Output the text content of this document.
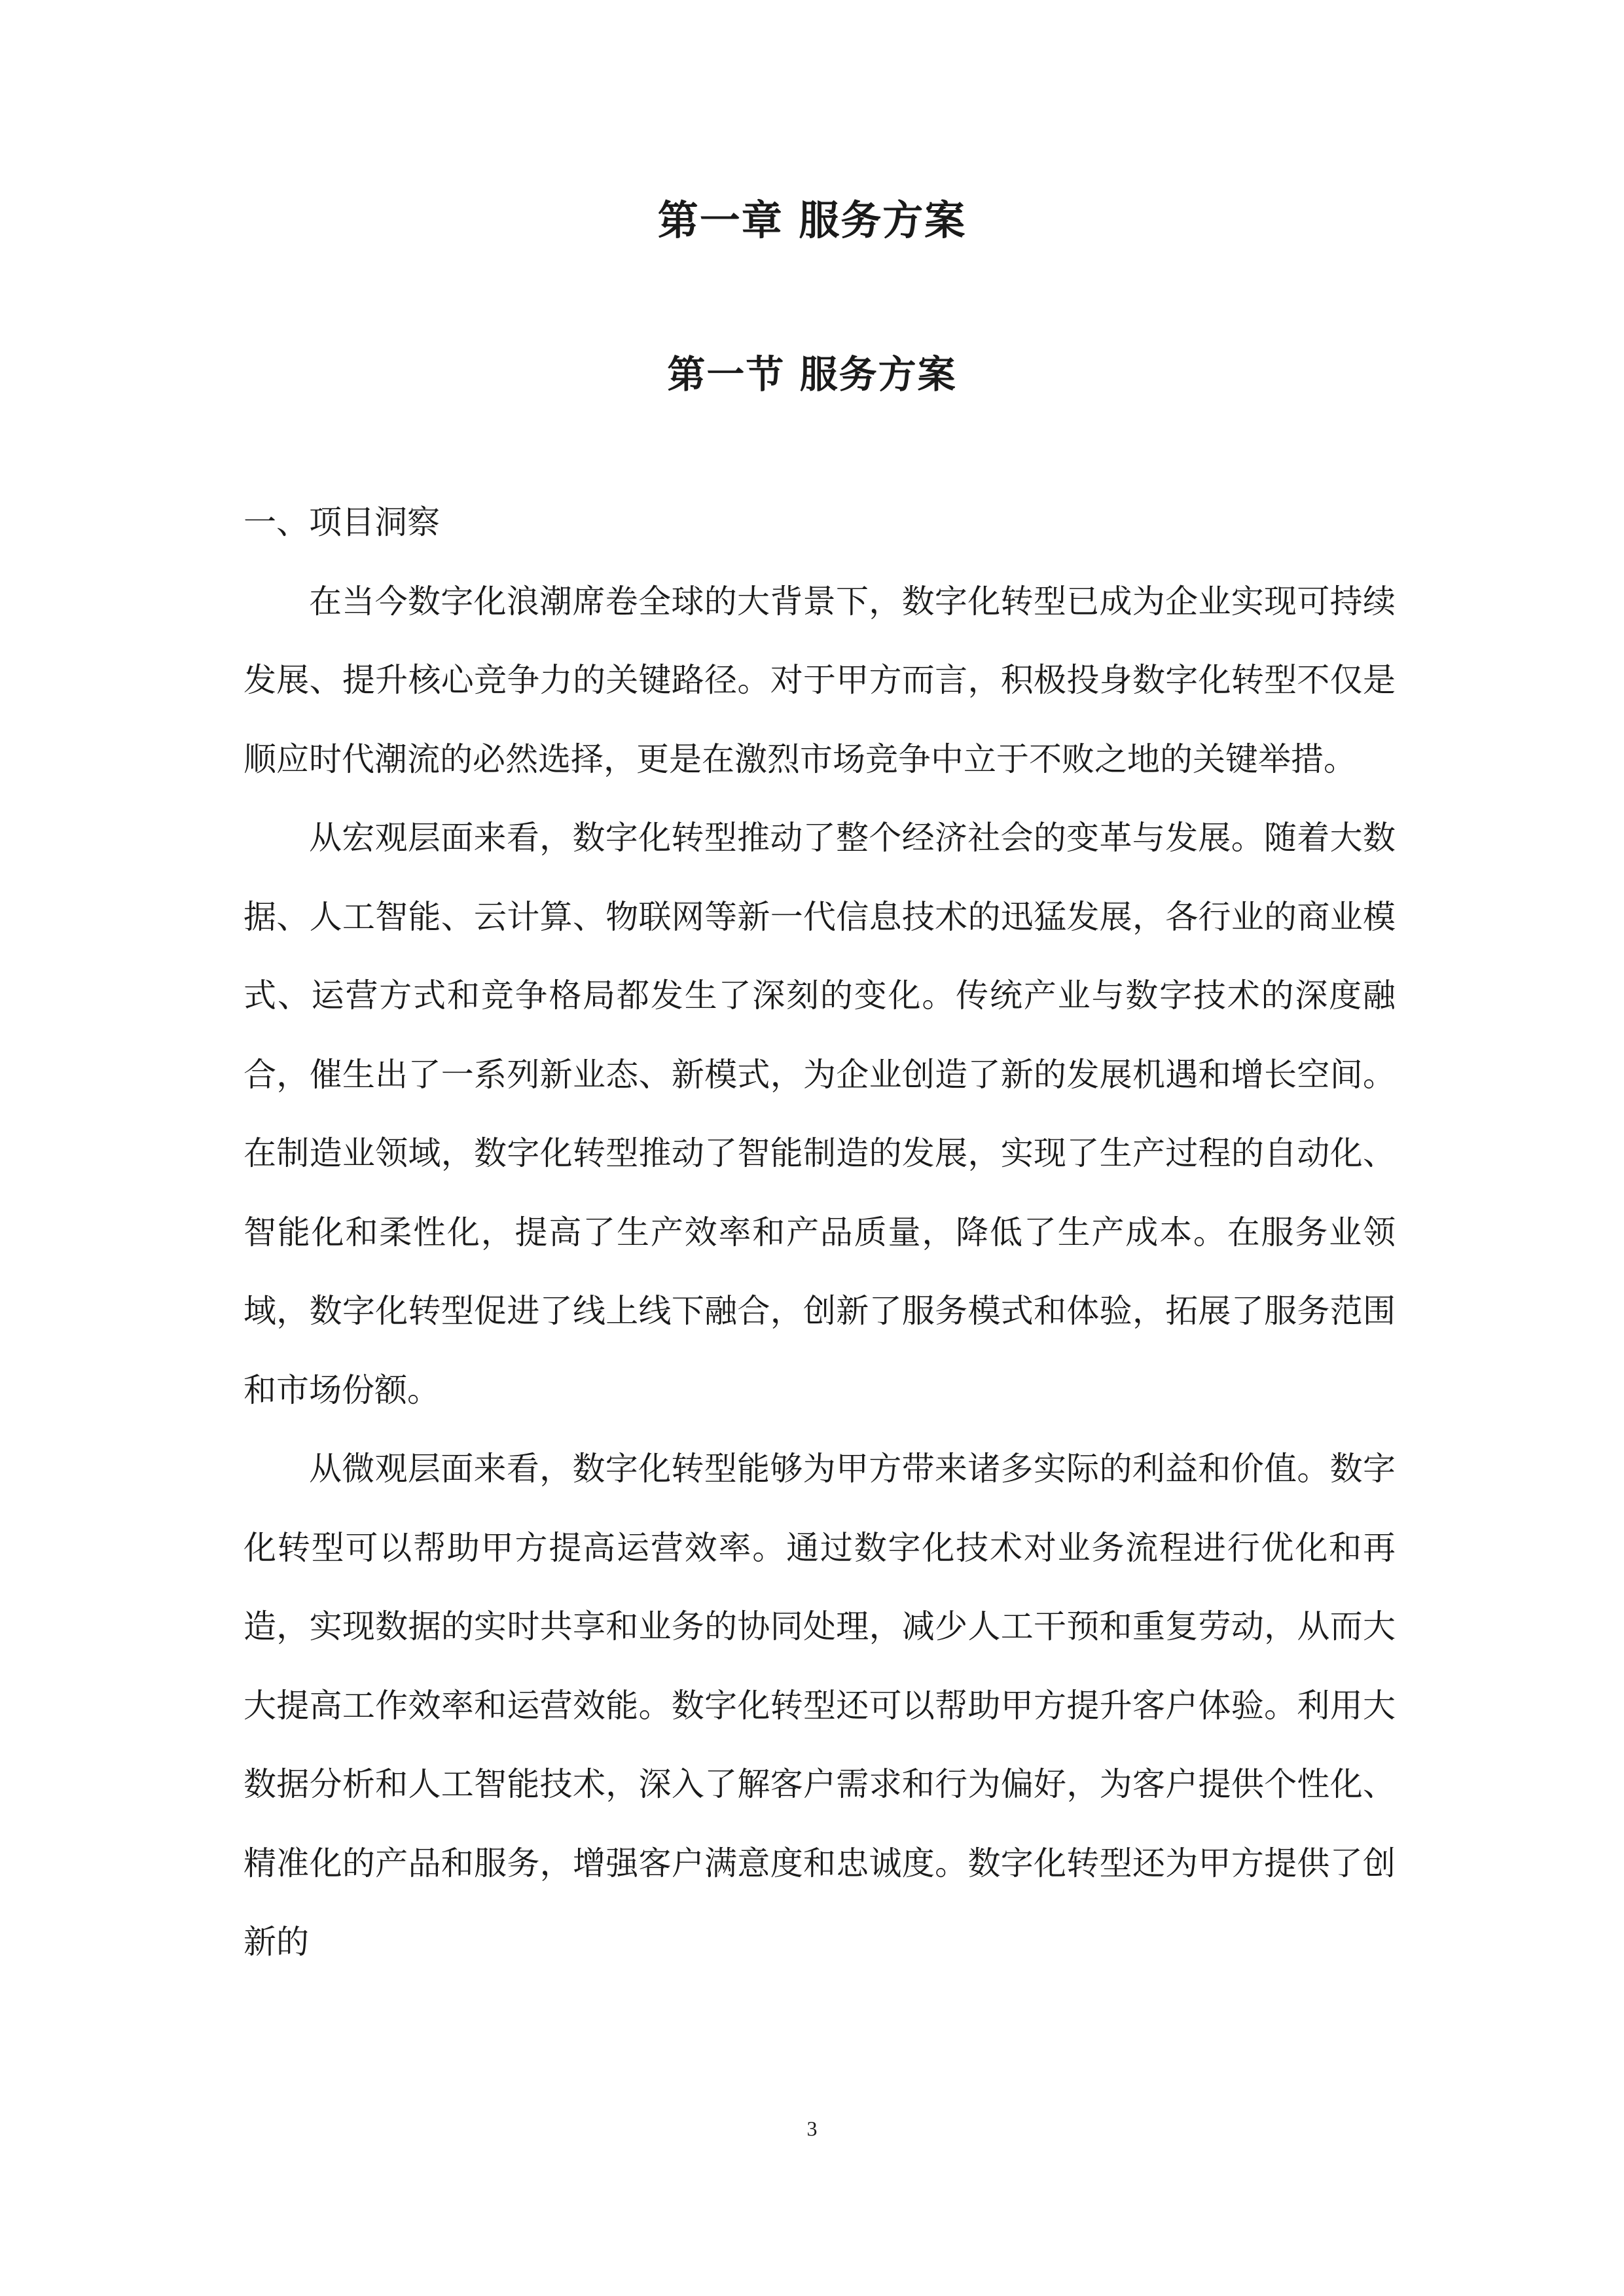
第一章 服务方案
第一节 服务方案

一、项目洞察

在当今数字化浪潮席卷全球的大背景下，数字化转型已成为企业实现可持续发展、提升核心竞争力的关键路径。对于甲方而言，积极投身数字化转型不仅是顺应时代潮流的必然选择，更是在激烈市场竞争中立于不败之地的关键举措。

从宏观层面来看，数字化转型推动了整个经济社会的变革与发展。随着大数据、人工智能、云计算、物联网等新一代信息技术的迅猛发展，各行业的商业模式、运营方式和竞争格局都发生了深刻的变化。传统产业与数字技术的深度融合，催生出了一系列新业态、新模式，为企业创造了新的发展机遇和增长空间。在制造业领域，数字化转型推动了智能制造的发展，实现了生产过程的自动化、智能化和柔性化，提高了生产效率和产品质量，降低了生产成本。在服务业领域，数字化转型促进了线上线下融合，创新了服务模式和体验，拓展了服务范围和市场份额。

从微观层面来看，数字化转型能够为甲方带来诸多实际的利益和价值。数字化转型可以帮助甲方提高运营效率。通过数字化技术对业务流程进行优化和再造，实现数据的实时共享和业务的协同处理，减少人工干预和重复劳动，从而大大提高工作效率和运营效能。数字化转型还可以帮助甲方提升客户体验。利用大数据分析和人工智能技术，深入了解客户需求和行为偏好，为客户提供个性化、精准化的产品和服务，增强客户满意度和忠诚度。数字化转型还为甲方提供了创新的

3
